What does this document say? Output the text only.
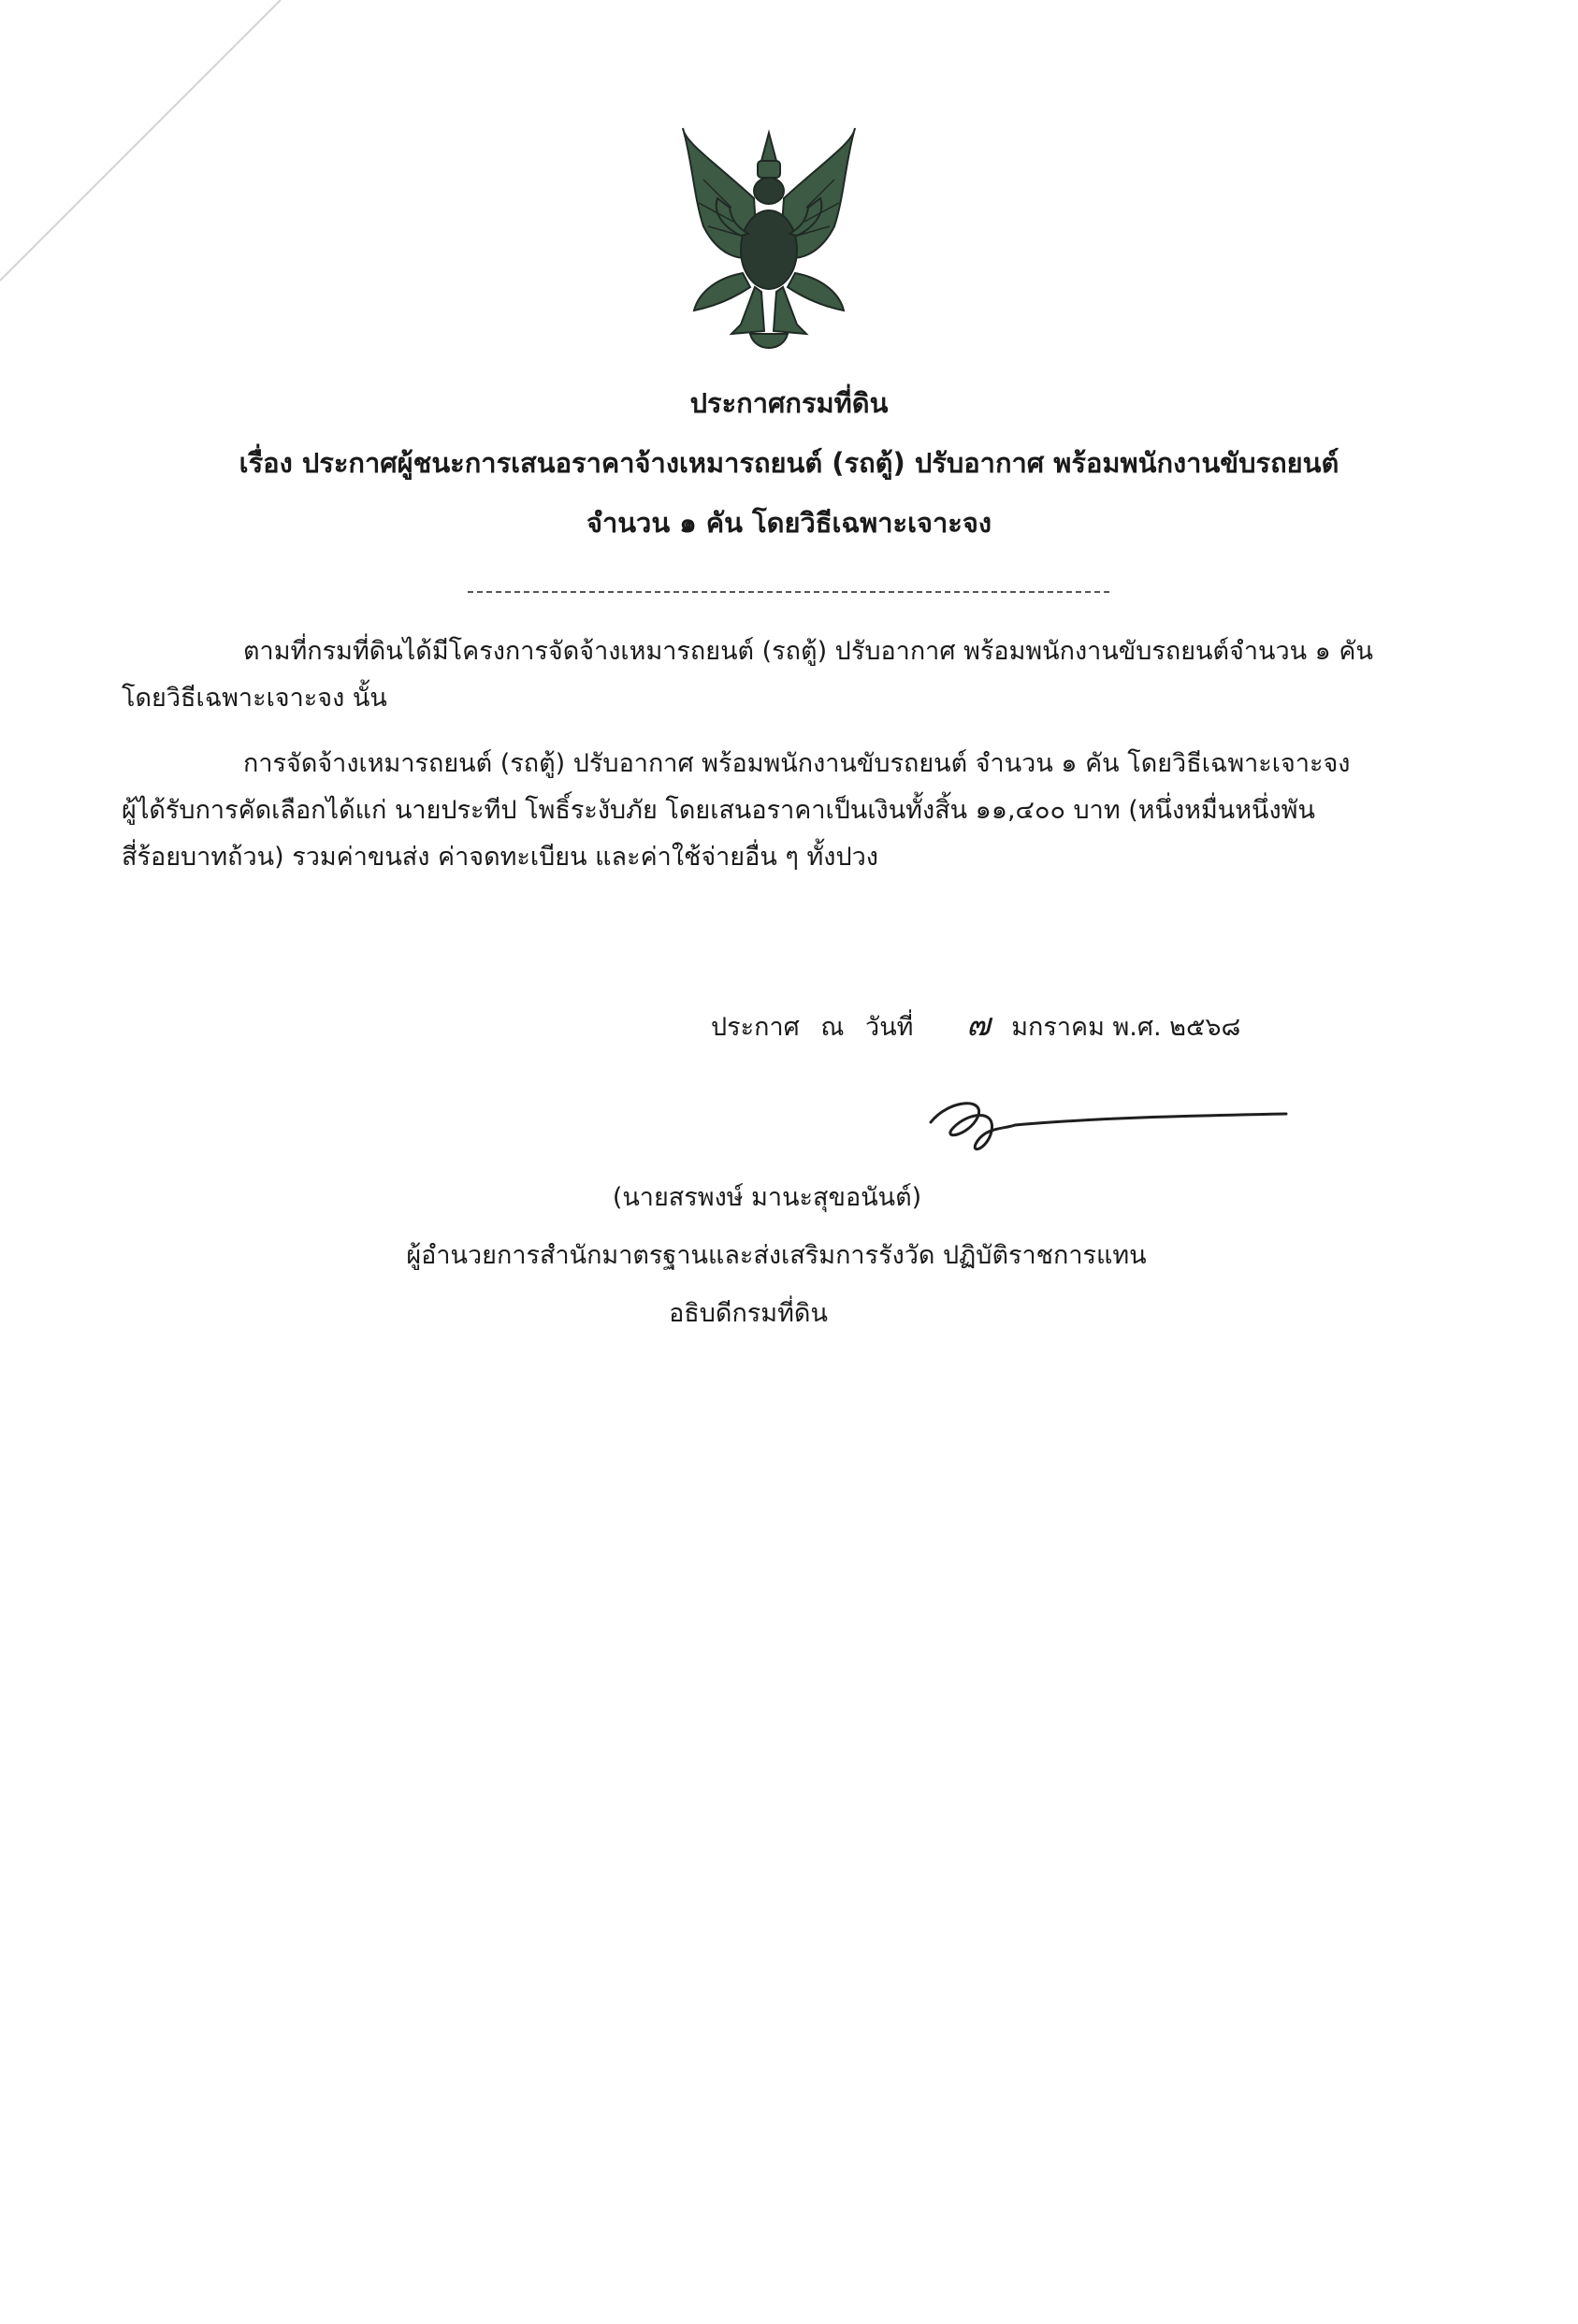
ประกาศกรมที่ดิน
เรื่อง ประกาศผู้ชนะการเสนอราคาจ้างเหมารถยนต์ (รถตู้) ปรับอากาศ พร้อมพนักงานขับรถยนต์
จำนวน ๑ คัน โดยวิธีเฉพาะเจาะจง

ตามที่กรมที่ดินได้มีโครงการจัดจ้างเหมารถยนต์ (รถตู้) ปรับอากาศ พร้อมพนักงานขับรถยนต์จำนวน ๑ คัน

โดยวิธีเฉพาะเจาะจง นั้น

การจัดจ้างเหมารถยนต์ (รถตู้) ปรับอากาศ พร้อมพนักงานขับรถยนต์ จำนวน ๑ คัน โดยวิธีเฉพาะเจาะจง

ผู้ได้รับการคัดเลือกได้แก่ นายประทีป โพธิ์ระงับภัย โดยเสนอราคาเป็นเงินทั้งสิ้น ๑๑,๔๐๐ บาท (หนึ่งหมื่นหนึ่งพัน

สี่ร้อยบาทถ้วน) รวมค่าขนส่ง ค่าจดทะเบียน และค่าใช้จ่ายอื่น ๆ ทั้งปวง

ประกาศ ณ วันที่ ๗ มกราคม พ.ศ. ๒๕๖๘
(นายสรพงษ์ มานะสุขอนันต์)
ผู้อำนวยการสำนักมาตรฐานและส่งเสริมการรังวัด ปฏิบัติราชการแทน
อธิบดีกรมที่ดิน
